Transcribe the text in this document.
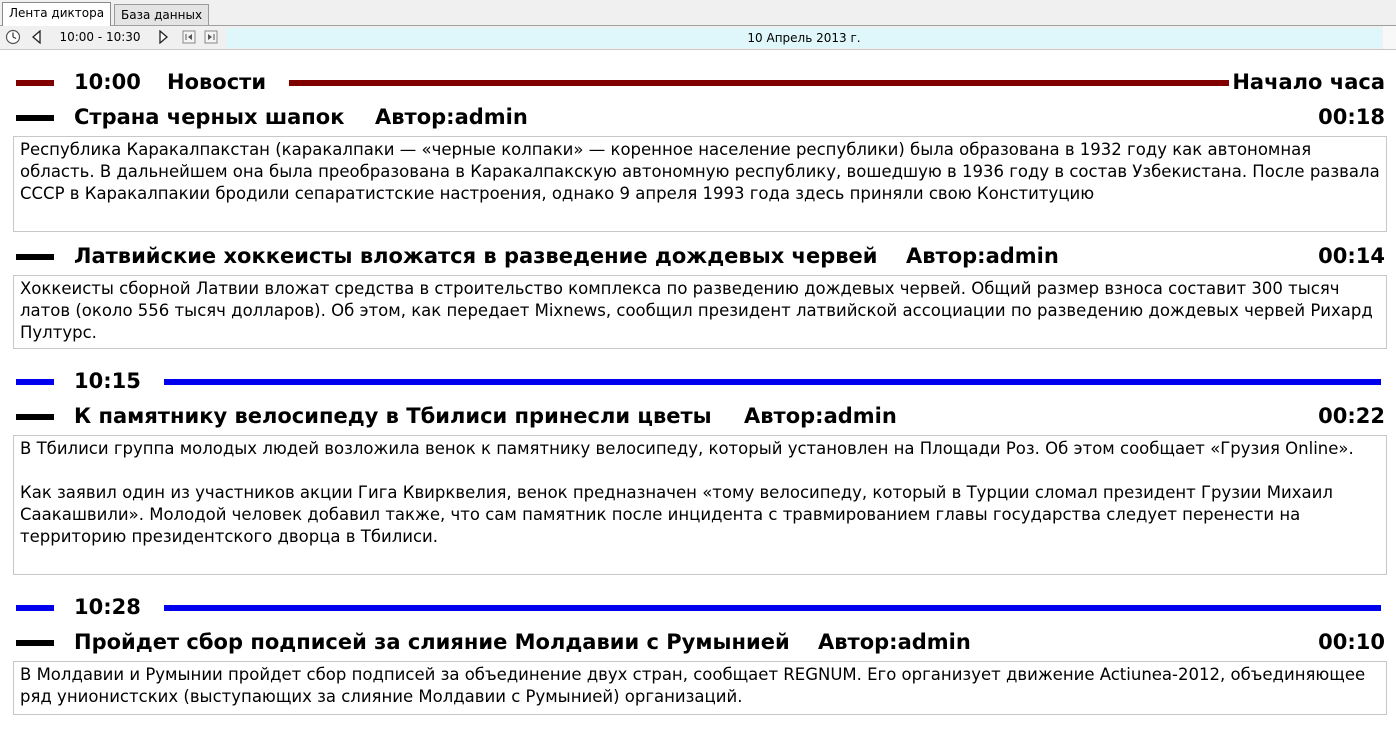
Лента диктора	База данных
10:00 - 10:30	10 Апрель 2013 г.
10:00 Новости	Начало часа
Страна черных шапок Автор:admin	00:18
Республика Каракалпакстан (каракалпаки — «черные колпаки» — коренное население республики) была образована в 1932 году как автономная область. В дальнейшем она была преобразована в Каракалпакскую автономную республику, вошедшую в 1936 году в состав Узбекистана. После развала СССР в Каракалпакии бродили сепаратистские настроения, однако 9 апреля 1993 года здесь приняли свою Конституцию
Латвийские хоккеисты вложатся в разведение дождевых червей Автор:admin	00:14
Хоккеисты сборной Латвии вложат средства в строительство комплекса по разведению дождевых червей. Общий размер взноса составит 300 тысяч латов (около 556 тысяч долларов). Об этом, как передает Mixnews, сообщил президент латвийской ассоциации по разведению дождевых червей Рихард Пултурс.
10:15
К памятнику велосипеду в Тбилиси принесли цветы Автор:admin	00:22
В Тбилиси группа молодых людей возложила венок к памятнику велосипеду, который установлен на Площади Роз. Об этом сообщает «Грузия Online».

Как заявил один из участников акции Гига Квирквелия, венок предназначен «тому велосипеду, который в Турции сломал президент Грузии Михаил Саакашвили». Молодой человек добавил также, что сам памятник после инцидента с травмированием главы государства следует перенести на территорию президентского дворца в Тбилиси.
10:28
Пройдет сбор подписей за слияние Молдавии с Румынией Автор:admin	00:10
В Молдавии и Румынии пройдет сбор подписей за объединение двух стран, сообщает REGNUM. Его организует движение Actiunea-2012, объединяющее ряд унионистских (выступающих за слияние Молдавии с Румынией) организаций.
